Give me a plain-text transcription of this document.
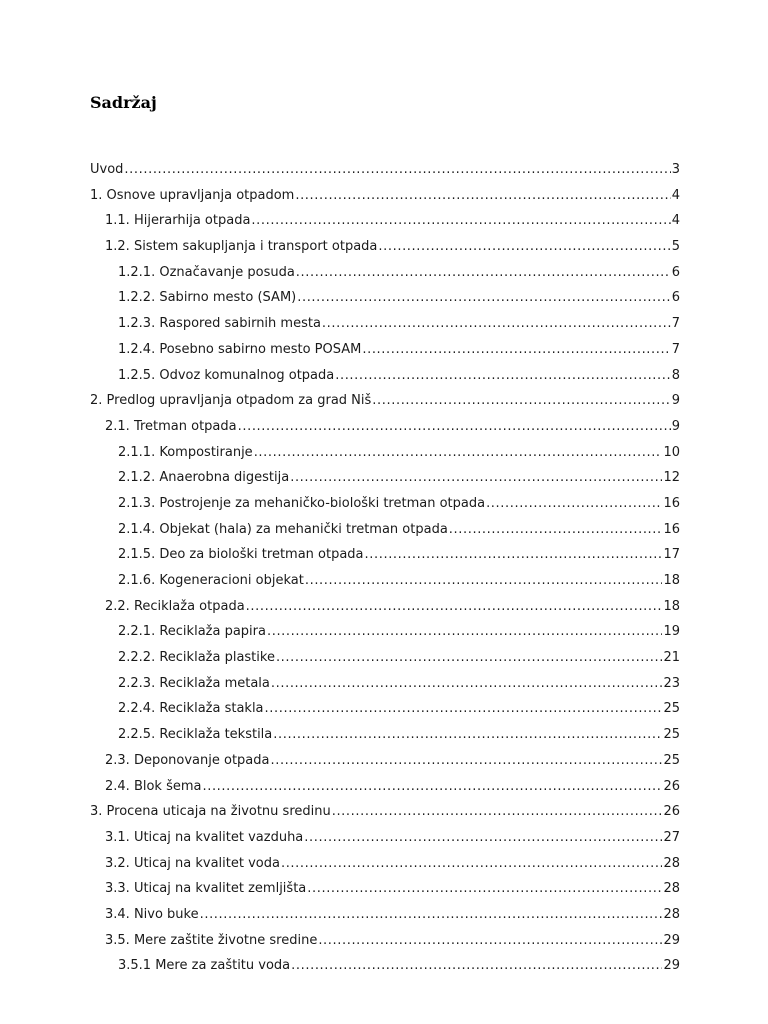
Sadržaj
Uvod .....	3
1. Osnove upravljanja otpadom .....	4
1.1. Hijerarhija otpada .....	4
1.2. Sistem sakupljanja i transport otpada .....	5
1.2.1. Označavanje posuda .....	6
1.2.2. Sabirno mesto (SAM) .....	6
1.2.3. Raspored sabirnih mesta .....	7
1.2.4. Posebno sabirno mesto POSAM .....	7
1.2.5. Odvoz komunalnog otpada .....	8
2. Predlog upravljanja otpadom za grad Niš .....	9
2.1. Tretman otpada .....	9
2.1.1. Kompostiranje .....	10
2.1.2. Anaerobna digestija .....	12
2.1.3. Postrojenje za mehaničko-biološki tretman otpada .....	16
2.1.4. Objekat (hala) za mehanički tretman otpada .....	16
2.1.5. Deo za biološki tretman otpada .....	17
2.1.6. Kogeneracioni objekat .....	18
2.2. Reciklaža otpada .....	18
2.2.1. Reciklaža papira .....	19
2.2.2. Reciklaža plastike .....	21
2.2.3. Reciklaža metala .....	23
2.2.4. Reciklaža stakla .....	25
2.2.5. Reciklaža tekstila .....	25
2.3. Deponovanje otpada .....	25
2.4. Blok šema .....	26
3. Procena uticaja na životnu sredinu .....	26
3.1. Uticaj na kvalitet vazduha .....	27
3.2. Uticaj na kvalitet voda .....	28
3.3. Uticaj na kvalitet zemljišta .....	28
3.4. Nivo buke .....	28
3.5. Mere zaštite životne sredine .....	29
3.5.1 Mere za zaštitu voda .....	29
